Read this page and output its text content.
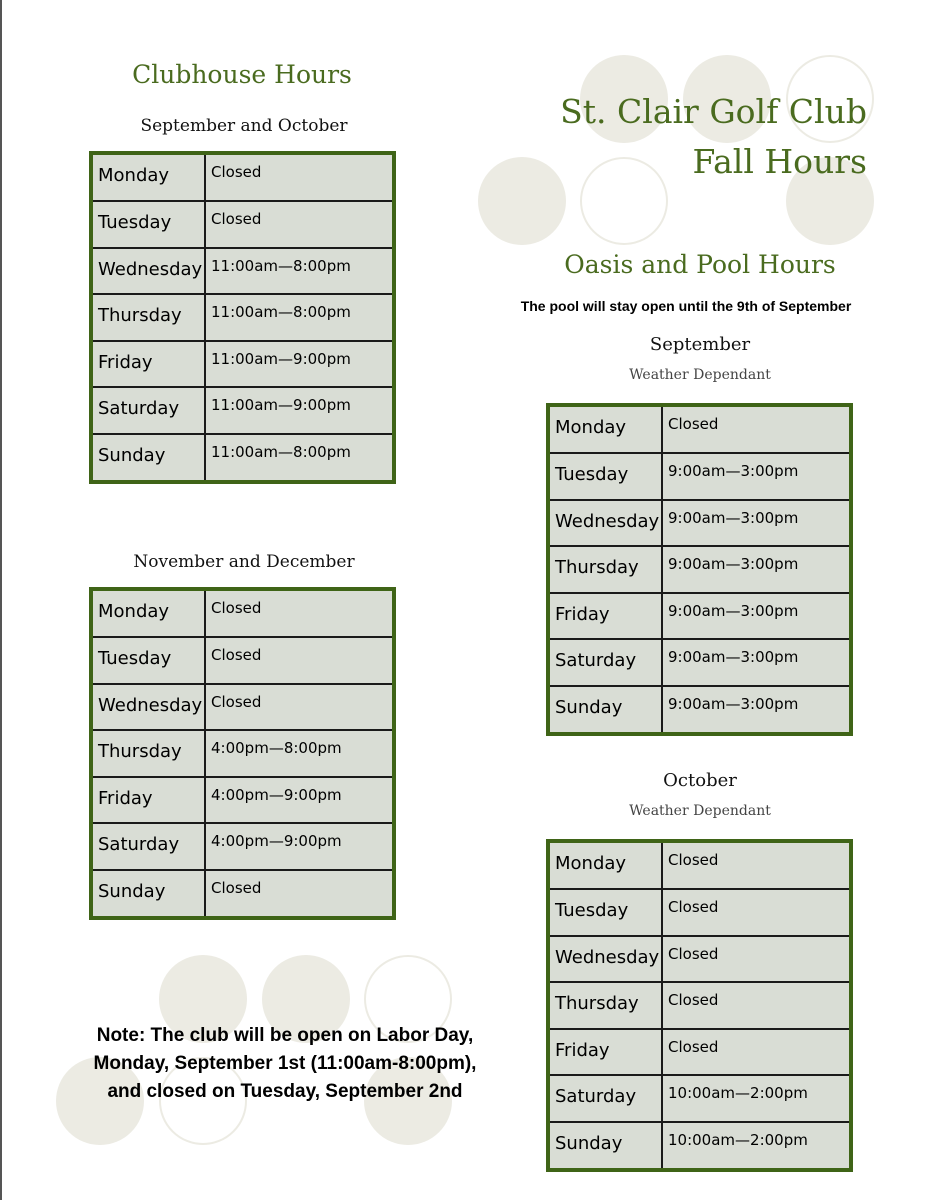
St. Clair Golf Club
Fall Hours
Clubhouse Hours
September and October
Monday	Closed
Tuesday	Closed
Wednesday	11:00am—8:00pm
Thursday	11:00am—8:00pm
Friday	11:00am—9:00pm
Saturday	11:00am—9:00pm
Sunday	11:00am—8:00pm
November and December
Monday	Closed
Tuesday	Closed
Wednesday	Closed
Thursday	4:00pm—8:00pm
Friday	4:00pm—9:00pm
Saturday	4:00pm—9:00pm
Sunday	Closed
Oasis and Pool Hours
The pool will stay open until the 9th of September
September
Weather Dependant
Monday	Closed
Tuesday	9:00am—3:00pm
Wednesday	9:00am—3:00pm
Thursday	9:00am—3:00pm
Friday	9:00am—3:00pm
Saturday	9:00am—3:00pm
Sunday	9:00am—3:00pm
October
Weather Dependant
Monday	Closed
Tuesday	Closed
Wednesday	Closed
Thursday	Closed
Friday	Closed
Saturday	10:00am—2:00pm
Sunday	10:00am—2:00pm
Note: The club will be open on Labor Day,
Monday, September 1st (11:00am-8:00pm),
and closed on Tuesday, September 2nd
